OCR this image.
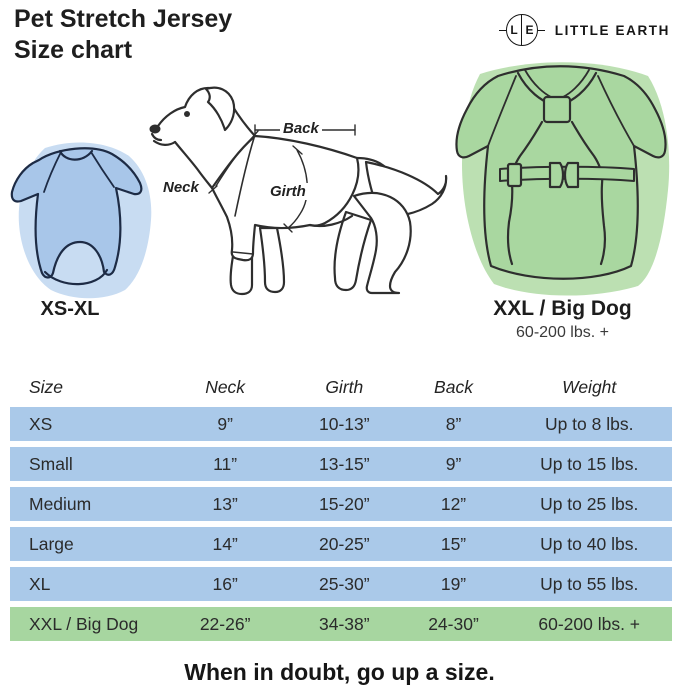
Pet Stretch Jersey
Size chart
L E LITTLE EARTH
XS-XL
Back
Neck	Girth
XXL / Big Dog
60-200 lbs. +
Size	Neck	Girth	Back	Weight
XS	9”	10-13”	8”	Up to 8 lbs.
Small	11”	13-15”	9”	Up to 15 lbs.
Medium	13”	15-20”	12”	Up to 25 lbs.
Large	14”	20-25”	15”	Up to 40 lbs.
XL	16”	25-30”	19”	Up to 55 lbs.
XXL / Big Dog	22-26”	34-38”	24-30”	60-200 lbs. +
When in doubt, go up a size.
